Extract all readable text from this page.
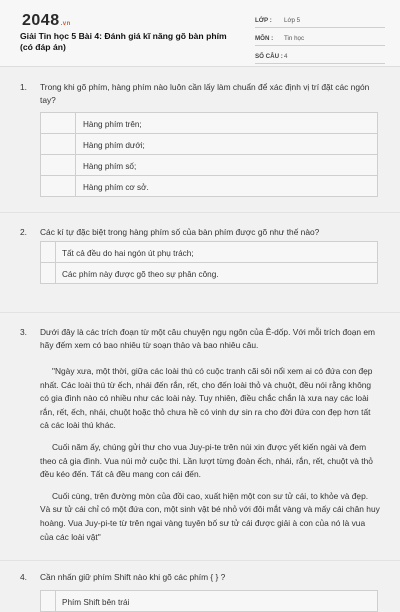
2048.vn
Giải Tin học 5 Bài 4: Đánh giá kĩ năng gõ bàn phím (có đáp án)
LỚP : Lớp 5
MÔN : Tin học
SỐ CÂU : 4
1. Trong khi gõ phím, hàng phím nào luôn cần lấy làm chuẩn để xác định vị trí đặt các ngón tay?
Hàng phím trên;
Hàng phím dưới;
Hàng phím số;
Hàng phím cơ sở.
2. Các kí tự đặc biệt trong hàng phím số của bàn phím được gõ như thế nào?
Tất cả đều do hai ngón út phụ trách;
Các phím này được gõ theo sự phân công.
3. Dưới đây là các trích đoạn từ một câu chuyện ngụ ngôn của Ê-dốp. Với mỗi trích đoạn em hãy đếm xem có bao nhiêu từ soạn thảo và bao nhiêu câu.

"Ngày xưa, một thời, giữa các loài thú có cuộc tranh cãi sôi nổi xem ai có đứa con đẹp nhất. Các loài thú từ ếch, nhái đến rắn, rết, cho đến loài thỏ và chuột, đều nói rằng không có gia đình nào có nhiều như các loài này. Tuy nhiên, điều chắc chắn là xưa nay các loài rắn, rết, ếch, nhái, chuột hoặc thỏ chưa hề có vinh dự sin ra cho đời đứa con đẹp hơn tất cả các loài thú khác.

Cuối năm ấy, chúng gửi thư cho vua Juy-pi-te trên núi xin được yết kiến ngài và đem theo cả gia đình. Vua núi mở cuộc thi. Lần lượt từng đoàn ếch, nhái, rắn, rết, chuột và thỏ đều kéo đến. Tất cả đều mang con cái đến.

Cuối cùng, trên đường mòn của đồi cao, xuất hiện một con sư tử cái, to khỏe và đẹp. Và sư tử cái chỉ có một đứa con, một sinh vật bé nhỏ với đôi mắt vàng và mấy cái chân huy hoàng. Vua Juy-pi-te từ trên ngai vàng tuyên bố sư tử cái được giải à con của nó là vua của các loài vật"

4. Cần nhấn giữ phím Shift nào khi gõ các phím { } ?
Phím Shift bên trái
